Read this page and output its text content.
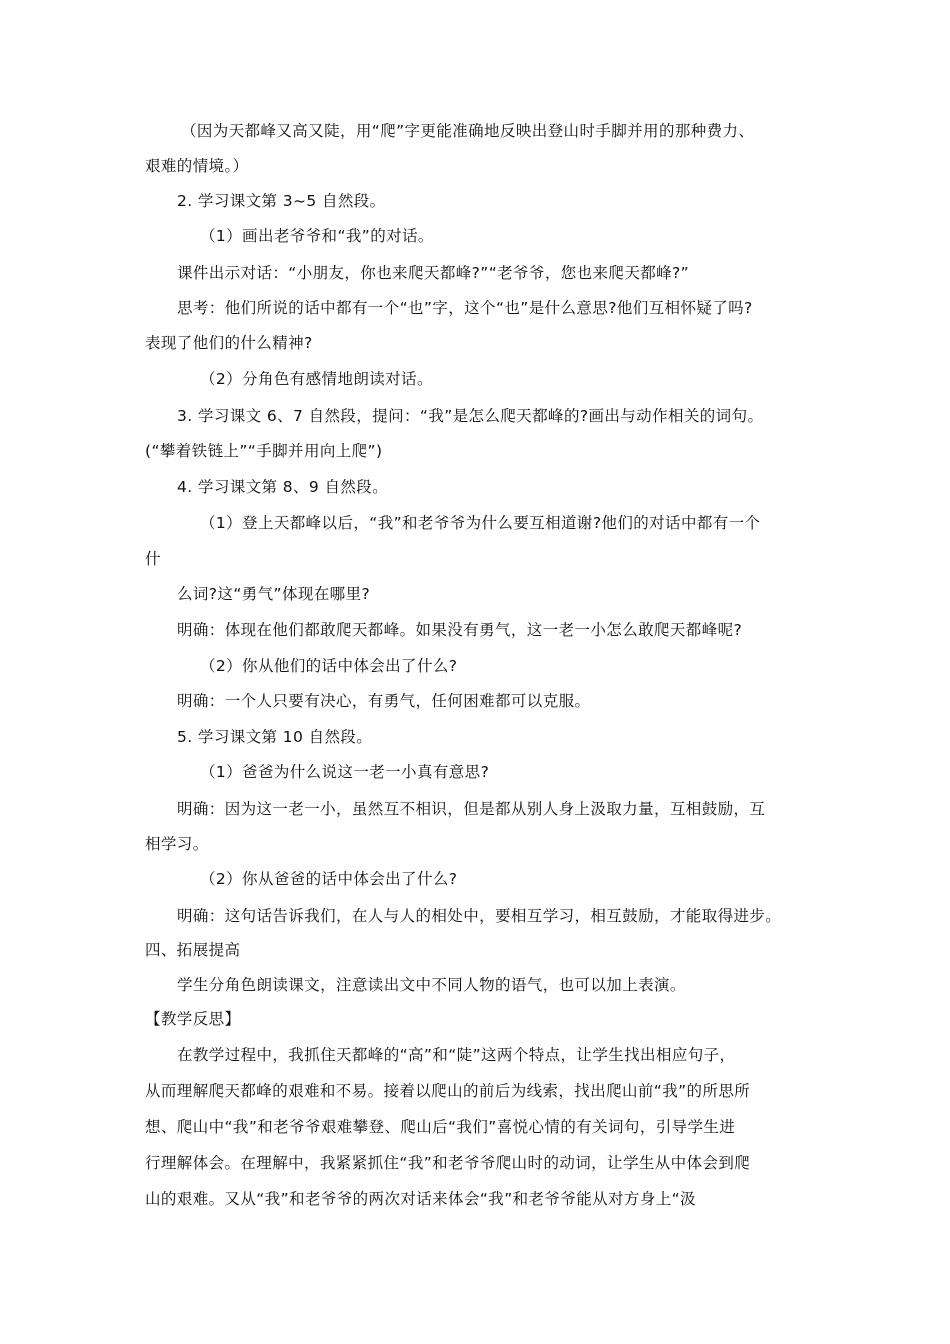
（因为天都峰又高又陡，用“爬”字更能准确地反映出登山时手脚并用的那种费力、
艰难的情境。）
2. 学习课文第 3~5 自然段。
（1）画出老爷爷和“我”的对话。
课件出示对话：“小朋友，你也来爬天都峰?”“老爷爷，您也来爬天都峰?”
思考：他们所说的话中都有一个“也”字，这个“也”是什么意思?他们互相怀疑了吗?
表现了他们的什么精神?
（2）分角色有感情地朗读对话。
3. 学习课文 6、7 自然段，提问：“我”是怎么爬天都峰的?画出与动作相关的词句。
(“攀着铁链上”“手脚并用向上爬”)
4. 学习课文第 8、9 自然段。
（1）登上天都峰以后，“我”和老爷爷为什么要互相道谢?他们的对话中都有一个
什
么词?这“勇气”体现在哪里?
明确：体现在他们都敢爬天都峰。如果没有勇气，这一老一小怎么敢爬天都峰呢?
（2）你从他们的话中体会出了什么?
明确：一个人只要有决心，有勇气，任何困难都可以克服。
5. 学习课文第 10 自然段。
（1）爸爸为什么说这一老一小真有意思?
明确：因为这一老一小，虽然互不相识，但是都从别人身上汲取力量，互相鼓励，互
相学习。
（2）你从爸爸的话中体会出了什么?
明确：这句话告诉我们，在人与人的相处中，要相互学习，相互鼓励，才能取得进步。
四、拓展提高
学生分角色朗读课文，注意读出文中不同人物的语气，也可以加上表演。
【教学反思】
在教学过程中，我抓住天都峰的“高”和“陡”这两个特点，让学生找出相应句子，
从而理解爬天都峰的艰难和不易。接着以爬山的前后为线索，找出爬山前“我”的所思所
想、爬山中“我”和老爷爷艰难攀登、爬山后“我们”喜悦心情的有关词句，引导学生进
行理解体会。在理解中，我紧紧抓住“我”和老爷爷爬山时的动词，让学生从中体会到爬
山的艰难。又从“我”和老爷爷的两次对话来体会“我”和老爷爷能从对方身上“汲
